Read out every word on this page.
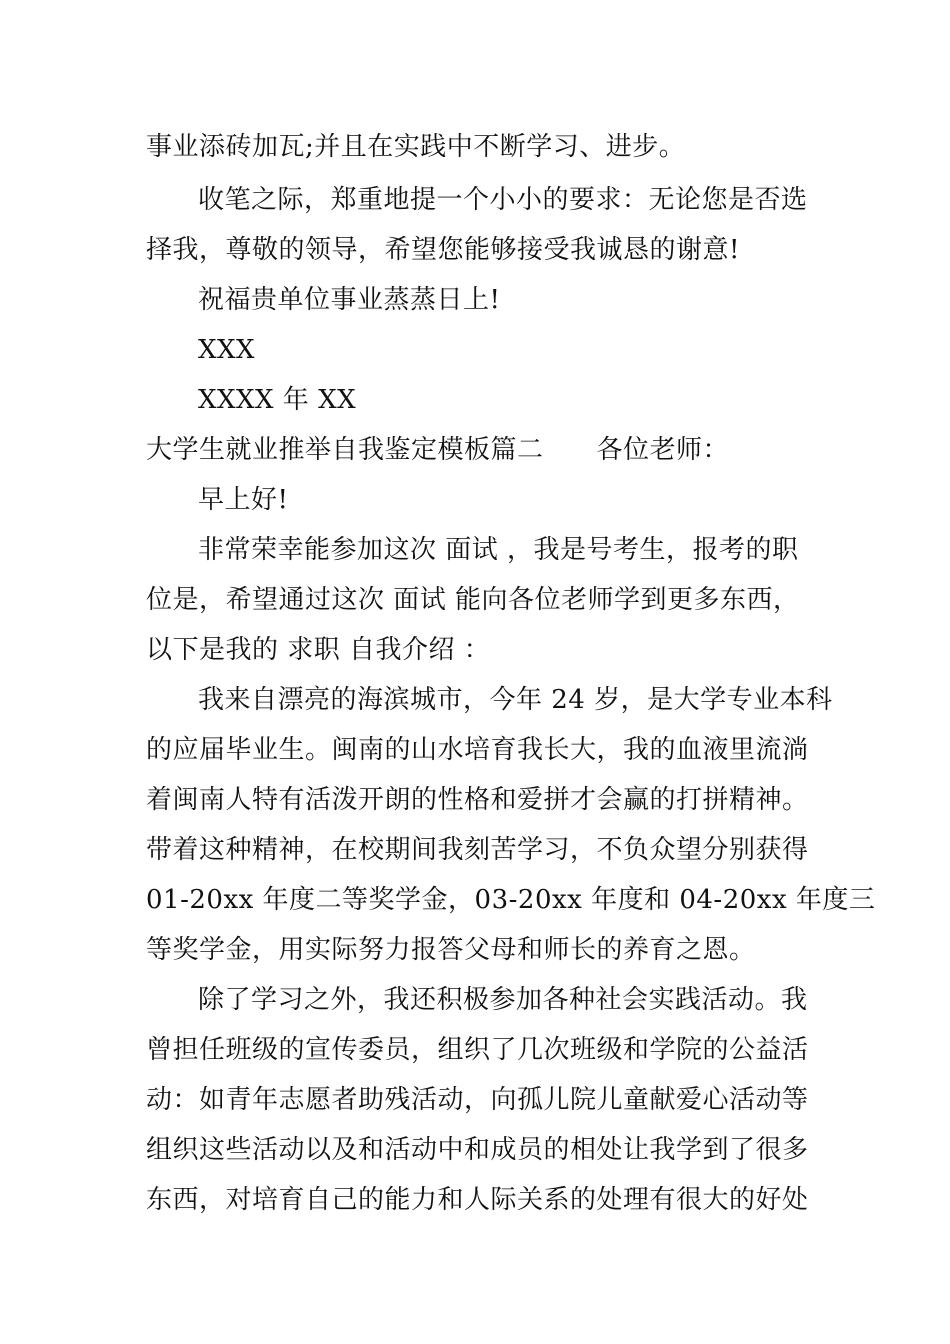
事业添砖加瓦;并且在实践中不断学习、进步。
收笔之际，郑重地提一个小小的要求：无论您是否选
择我，尊敬的领导，希望您能够接受我诚恳的谢意!
祝福贵单位事业蒸蒸日上!
XXX
XXXX 年 XX
大学生就业推举自我鉴定模板篇二　　各位老师：
早上好!
非常荣幸能参加这次 面试 ，我是号考生，报考的职
位是，希望通过这次 面试 能向各位老师学到更多东西，
以下是我的 求职 自我介绍 ：
我来自漂亮的海滨城市，今年 24 岁，是大学专业本科
的应届毕业生。闽南的山水培育我长大，我的血液里流淌
着闽南人特有活泼开朗的性格和爱拼才会赢的打拼精神。
带着这种精神，在校期间我刻苦学习，不负众望分别获得
01-20xx 年度二等奖学金，03-20xx 年度和 04-20xx 年度三
等奖学金，用实际努力报答父母和师长的养育之恩。
除了学习之外，我还积极参加各种社会实践活动。我
曾担任班级的宣传委员，组织了几次班级和学院的公益活
动：如青年志愿者助残活动，向孤儿院儿童献爱心活动等
组织这些活动以及和活动中和成员的相处让我学到了很多
东西，对培育自己的能力和人际关系的处理有很大的好处
